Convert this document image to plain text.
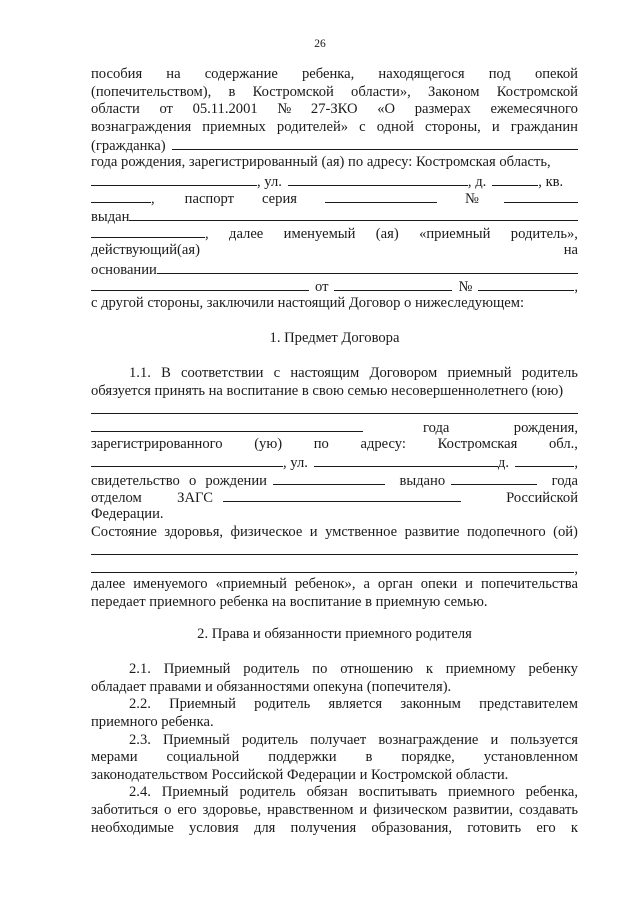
26
пособия на содержание ребенка, находящегося под опекой
(попечительством), в Костромской области», Законом Костромской
области от 05.11.2001 № 27-ЗКО «О размерах ежемесячного
вознаграждения приемных родителей» с одной стороны, и гражданин
(гражданка)
года рождения, зарегистрированный (ая) по адресу: Костромская область,
, ул.	, д.	, кв.
, паспорт серия	№
выдан
, далее именуемый (ая) «приемный родитель»,
действующий(ая)	на
основании
от	№	,
с другой стороны, заключили настоящий Договор о нижеследующем:
1. Предмет Договора
1.1. В соответствии с настоящим Договором приемный родитель
обязуется принять на воспитание в свою семью несовершеннолетнего (юю)
года	рождения,
зарегистрированного (ую) по адресу: Костромская обл.,
, ул.	д.	,
свидетельство о рождении	выдано	года
отделом ЗАГС	Российской
Федерации.
Состояние здоровья, физическое и умственное развитие подопечного (ой)
,
далее именуемого «приемный ребенок», а орган опеки и попечительства
передает приемного ребенка на воспитание в приемную семью.
2. Права и обязанности приемного родителя
2.1. Приемный родитель по отношению к приемному ребенку
обладает правами и обязанностями опекуна (попечителя).
2.2. Приемный родитель является законным представителем
приемного ребенка.
2.3. Приемный родитель получает вознаграждение и пользуется
мерами социальной поддержки в порядке, установленном
законодательством Российской Федерации и Костромской области.
2.4. Приемный родитель обязан воспитывать приемного ребенка,
заботиться о его здоровье, нравственном и физическом развитии, создавать
необходимые условия для получения образования, готовить его к
